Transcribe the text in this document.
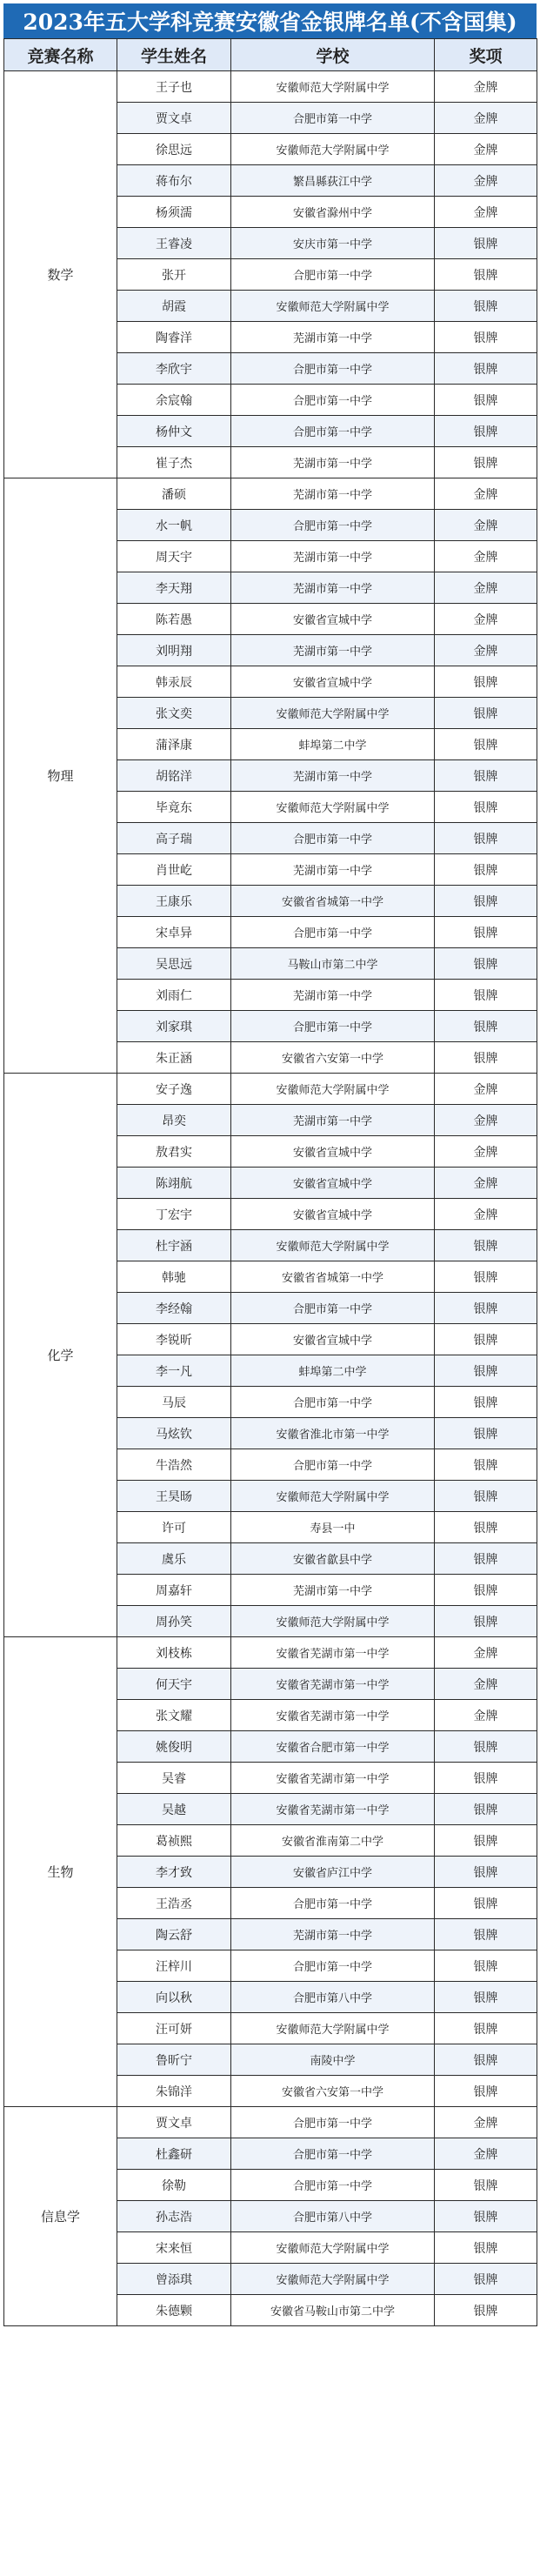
2023年五大学科竞赛安徽省金银牌名单(不含国集)
竞赛名称	学生姓名	学校	奖项
数学	王子也	安徽师范大学附属中学	金牌
	贾文卓	合肥市第一中学	金牌
	徐思远	安徽师范大学附属中学	金牌
	蒋布尔	繁昌縣荻江中学	金牌
	杨须濡	安徽省滁州中学	金牌
	王睿凌	安庆市第一中学	银牌
	张开	合肥市第一中学	银牌
	胡霞	安徽师范大学附属中学	银牌
	陶睿洋	芜湖市第一中学	银牌
	李欣宇	合肥市第一中学	银牌
	余宸翰	合肥市第一中学	银牌
	杨仲文	合肥市第一中学	银牌
	崔子杰	芜湖市第一中学	银牌
物理	潘硕	芜湖市第一中学	金牌
	水一帆	合肥市第一中学	金牌
	周天宇	芜湖市第一中学	金牌
	李天翔	芜湖市第一中学	金牌
	陈若愚	安徽省宣城中学	金牌
	刘明翔	芜湖市第一中学	金牌
	韩汞辰	安徽省宣城中学	银牌
	张文奕	安徽师范大学附属中学	银牌
	蒲泽康	蚌埠第二中学	银牌
	胡铭洋	芜湖市第一中学	银牌
	毕竟东	安徽师范大学附属中学	银牌
	高子瑞	合肥市第一中学	银牌
	肖世屹	芜湖市第一中学	银牌
	王康乐	安徽省省城第一中学	银牌
	宋卓异	合肥市第一中学	银牌
	吴思远	马鞍山市第二中学	银牌
	刘雨仁	芜湖市第一中学	银牌
	刘家琪	合肥市第一中学	银牌
	朱正涵	安徽省六安第一中学	银牌
化学	安子逸	安徽师范大学附属中学	金牌
	昂奕	芜湖市第一中学	金牌
	敖君实	安徽省宣城中学	金牌
	陈翊航	安徽省宣城中学	金牌
	丁宏宇	安徽省宣城中学	金牌
	杜宇涵	安徽师范大学附属中学	银牌
	韩驰	安徽省省城第一中学	银牌
	李经翰	合肥市第一中学	银牌
	李锐昕	安徽省宣城中学	银牌
	李一凡	蚌埠第二中学	银牌
	马辰	合肥市第一中学	银牌
	马炫钦	安徽省淮北市第一中学	银牌
	牛浩然	合肥市第一中学	银牌
	王昊旸	安徽师范大学附属中学	银牌
	许可	寿县一中	银牌
	虞乐	安徽省歙县中学	银牌
	周嘉轩	芜湖市第一中学	银牌
	周孙笑	安徽师范大学附属中学	银牌
生物	刘枝栋	安徽省芜湖市第一中学	金牌
	何天宇	安徽省芜湖市第一中学	金牌
	张文耀	安徽省芜湖市第一中学	金牌
	姚俊明	安徽省合肥市第一中学	银牌
	吴睿	安徽省芜湖市第一中学	银牌
	吴越	安徽省芜湖市第一中学	银牌
	葛祯熙	安徽省淮南第二中学	银牌
	李才致	安徽省庐江中学	银牌
	王浩丞	合肥市第一中学	银牌
	陶云舒	芜湖市第一中学	银牌
	汪梓川	合肥市第一中学	银牌
	向以秋	合肥市第八中学	银牌
	汪可妍	安徽师范大学附属中学	银牌
	鲁昕宁	南陵中学	银牌
	朱锦洋	安徽省六安第一中学	银牌
信息学	贾文卓	合肥市第一中学	金牌
	杜鑫研	合肥市第一中学	金牌
	徐勒	合肥市第一中学	银牌
	孙志浩	合肥市第八中学	银牌
	宋来恒	安徽师范大学附属中学	银牌
	曾添琪	安徽师范大学附属中学	银牌
	朱德颗	安徽省马鞍山市第二中学	银牌
